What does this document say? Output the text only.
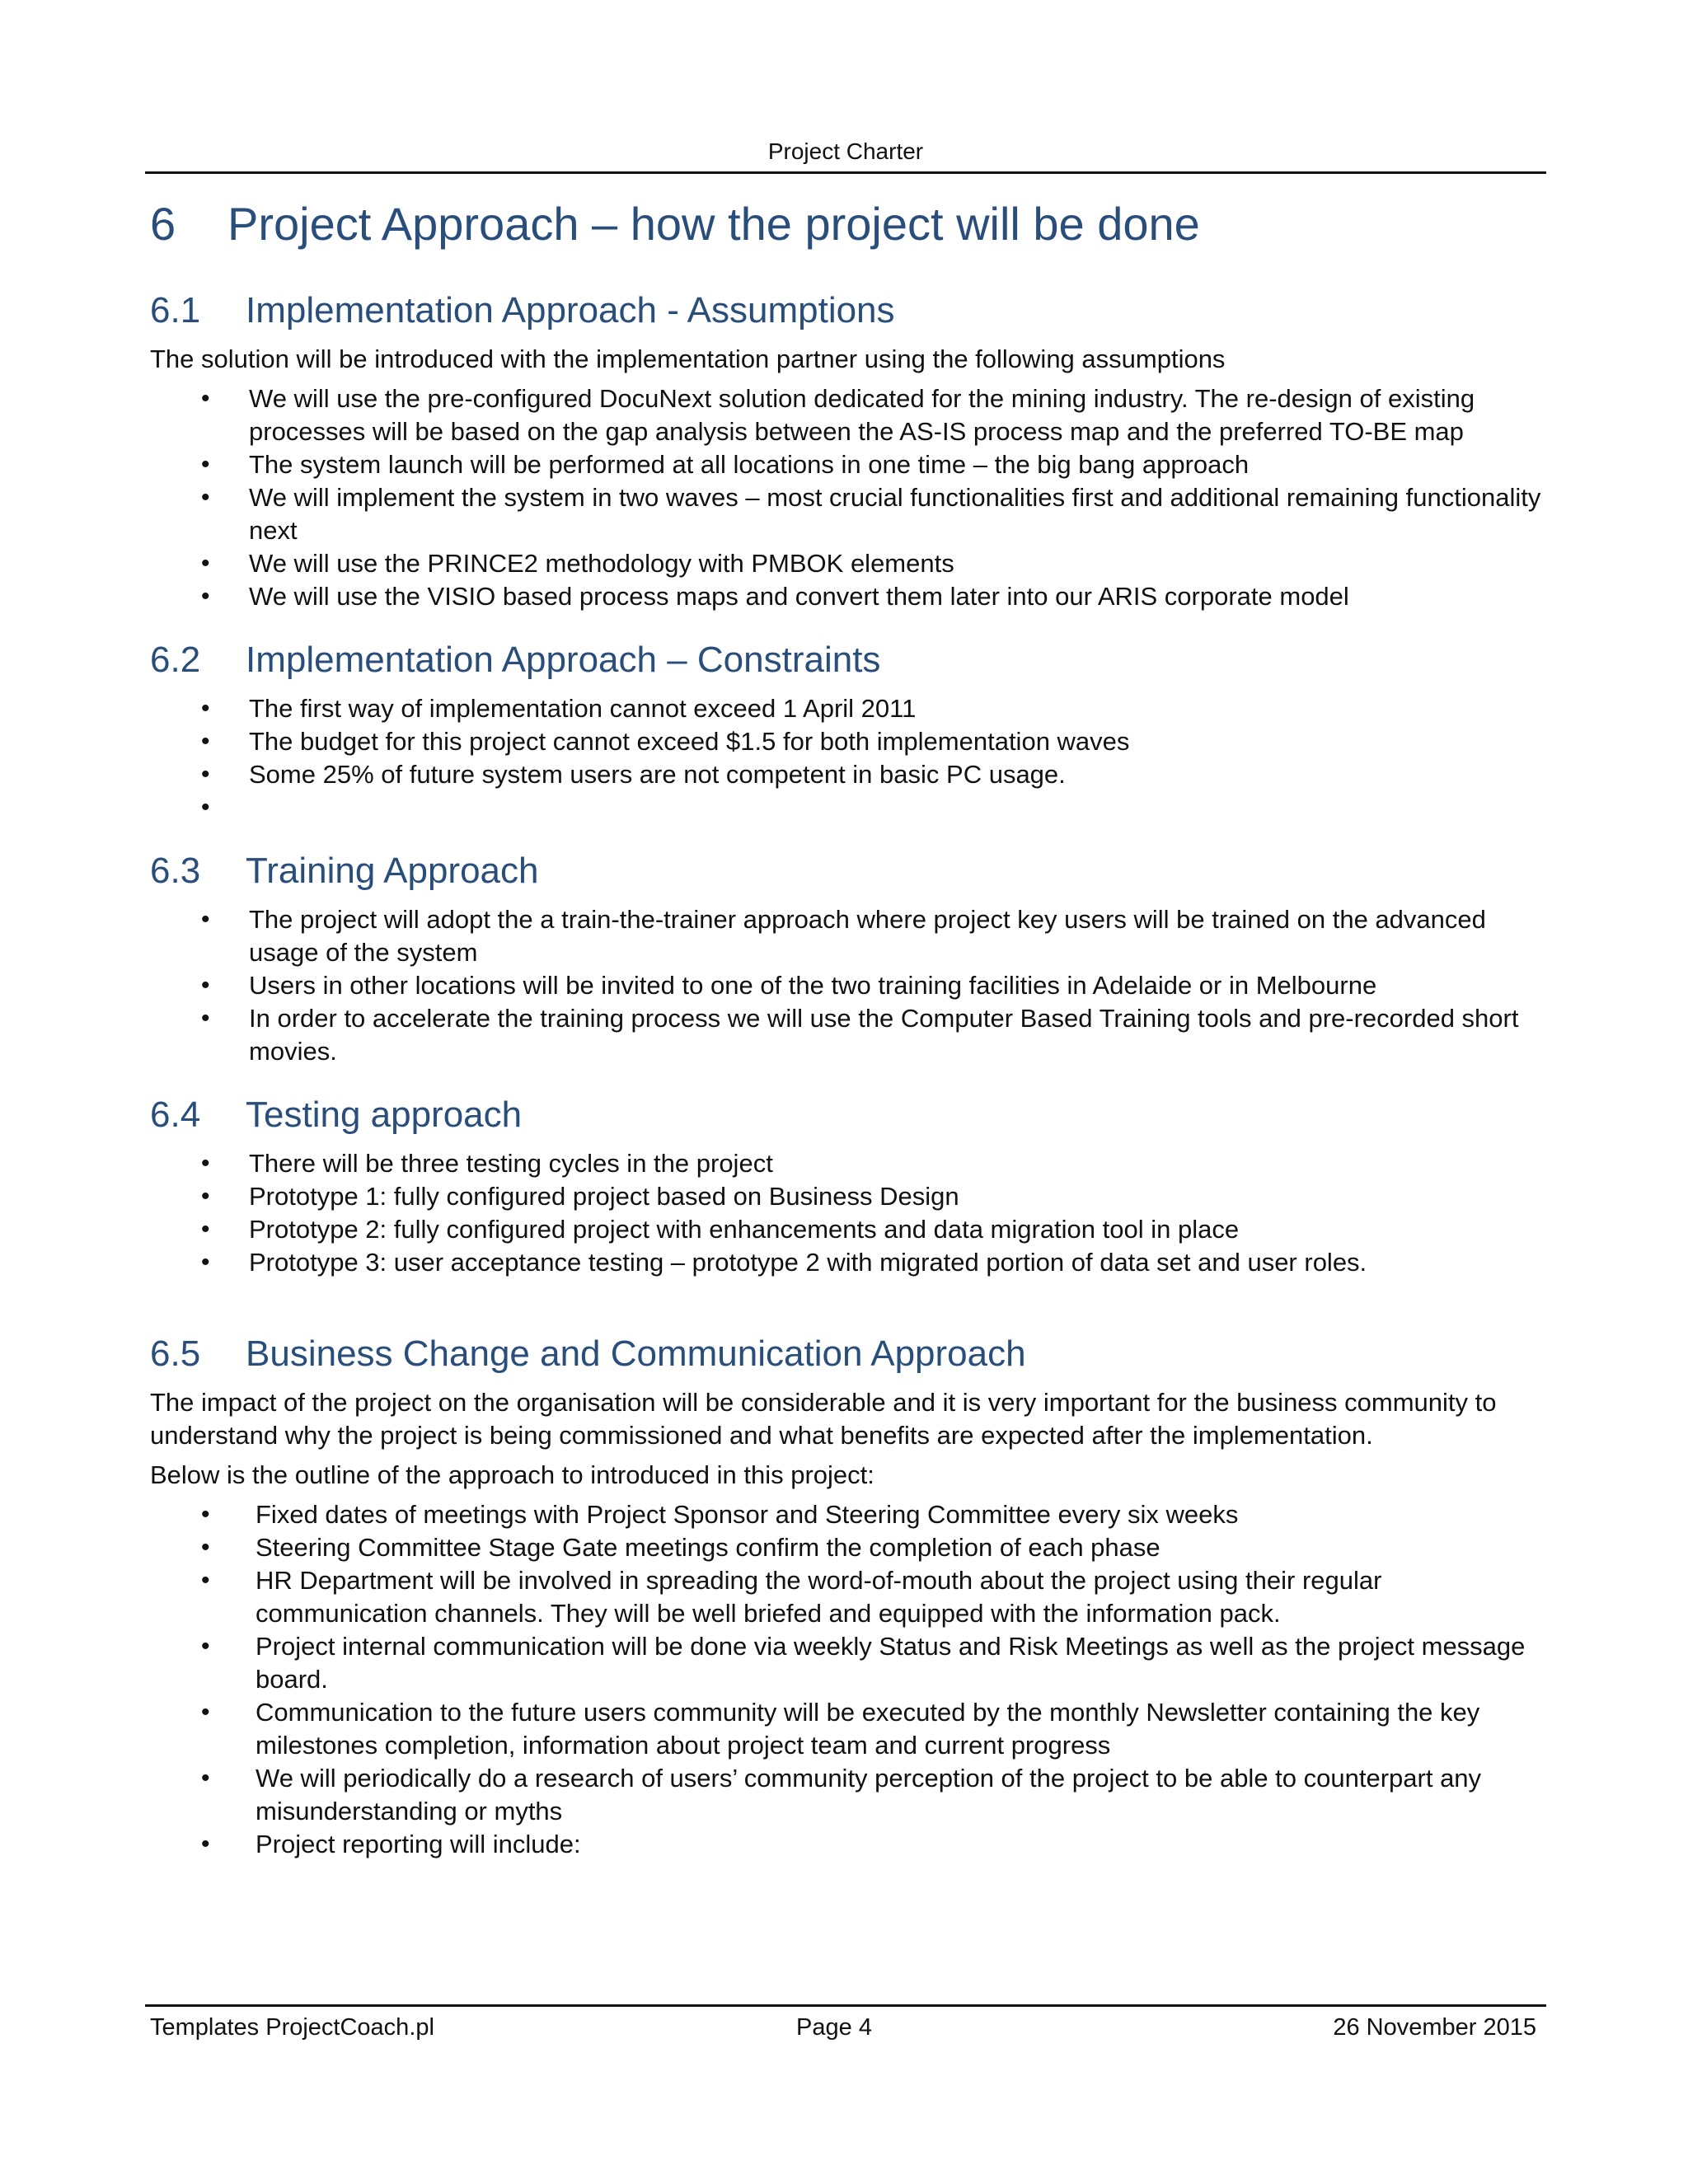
Project Charter
6 Project Approach – how the project will be done
6.1 Implementation Approach - Assumptions

The solution will be introduced with the implementation partner using the following assumptions

• We will use the pre-configured DocuNext solution dedicated for the mining industry. The re-design of existing processes will be based on the gap analysis between the AS-IS process map and the preferred TO-BE map
• The system launch will be performed at all locations in one time – the big bang approach
• We will implement the system in two waves – most crucial functionalities first and additional remaining functionality next
• We will use the PRINCE2 methodology with PMBOK elements
• We will use the VISIO based process maps and convert them later into our ARIS corporate model
6.2 Implementation Approach – Constraints
• The first way of implementation cannot exceed 1 April 2011
• The budget for this project cannot exceed $1.5 for both implementation waves
• Some 25% of future system users are not competent in basic PC usage.
•

6.3 Training Approach
• The project will adopt the a train-the-trainer approach where project key users will be trained on the advanced usage of the system
• Users in other locations will be invited to one of the two training facilities in Adelaide or in Melbourne
• In order to accelerate the training process we will use the Computer Based Training tools and pre-recorded short movies.
6.4 Testing approach
• There will be three testing cycles in the project
• Prototype 1: fully configured project based on Business Design
• Prototype 2: fully configured project with enhancements and data migration tool in place
• Prototype 3: user acceptance testing – prototype 2 with migrated portion of data set and user roles.
6.5 Business Change and Communication Approach

The impact of the project on the organisation will be considerable and it is very important for the business community to understand why the project is being commissioned and what benefits are expected after the implementation.

Below is the outline of the approach to introduced in this project:

• Fixed dates of meetings with Project Sponsor and Steering Committee every six weeks
• Steering Committee Stage Gate meetings confirm the completion of each phase
• HR Department will be involved in spreading the word-of-mouth about the project using their regular communication channels. They will be well briefed and equipped with the information pack.
• Project internal communication will be done via weekly Status and Risk Meetings as well as the project message board.
• Communication to the future users community will be executed by the monthly Newsletter containing the key milestones completion, information about project team and current progress
• We will periodically do a research of users’ community perception of the project to be able to counterpart any misunderstanding or myths
• Project reporting will include:
Templates ProjectCoach.pl	Page 4	26 November 2015
